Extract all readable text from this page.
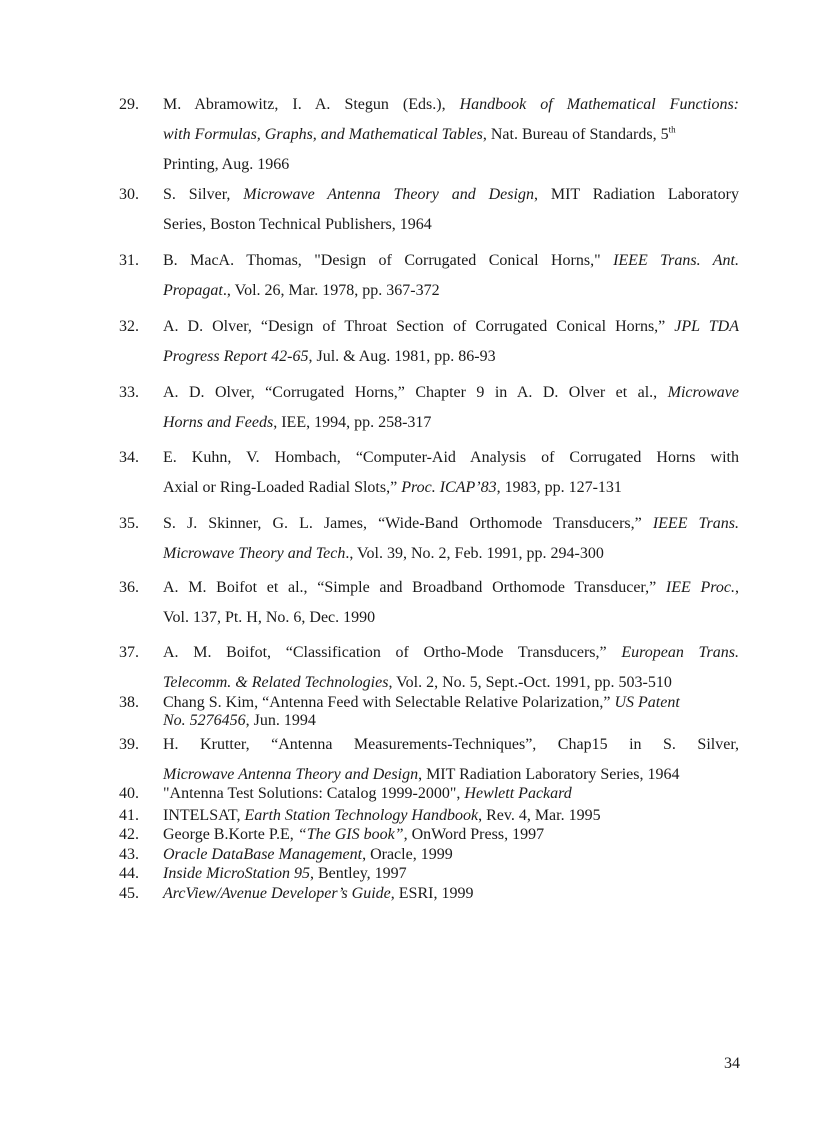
29.	M. Abramowitz, I. A. Stegun (Eds.), Handbook of Mathematical Functions:
with Formulas, Graphs, and Mathematical Tables, Nat. Bureau of Standards, 5th
Printing, Aug. 1966
30.	S. Silver, Microwave Antenna Theory and Design, MIT Radiation Laboratory
Series, Boston Technical Publishers, 1964
31.	B. MacA. Thomas, "Design of Corrugated Conical Horns," IEEE Trans. Ant.
Propagat., Vol. 26, Mar. 1978, pp. 367-372
32.	A. D. Olver, “Design of Throat Section of Corrugated Conical Horns,” JPL TDA
Progress Report 42-65, Jul. & Aug. 1981, pp. 86-93
33.	A. D. Olver, “Corrugated Horns,” Chapter 9 in A. D. Olver et al., Microwave
Horns and Feeds, IEE, 1994, pp. 258-317
34.	E. Kuhn, V. Hombach, “Computer-Aid Analysis of Corrugated Horns with
Axial or Ring-Loaded Radial Slots,” Proc. ICAP’83, 1983, pp. 127-131
35.	S. J. Skinner, G. L. James, “Wide-Band Orthomode Transducers,” IEEE Trans.
Microwave Theory and Tech., Vol. 39, No. 2, Feb. 1991, pp. 294-300
36.	A. M. Boifot et al., “Simple and Broadband Orthomode Transducer,” IEE Proc.,
Vol. 137, Pt. H, No. 6, Dec. 1990
37.	A. M. Boifot, “Classification of Ortho-Mode Transducers,” European Trans.
Telecomm. & Related Technologies, Vol. 2, No. 5, Sept.-Oct. 1991, pp. 503-510
38.	Chang S. Kim, “Antenna Feed with Selectable Relative Polarization,” US Patent
No. 5276456, Jun. 1994
39.	H. Krutter, “Antenna Measurements-Techniques”, Chap15 in S. Silver,
Microwave Antenna Theory and Design, MIT Radiation Laboratory Series, 1964
40.	"Antenna Test Solutions: Catalog 1999-2000", Hewlett Packard
41.	INTELSAT, Earth Station Technology Handbook, Rev. 4, Mar. 1995
42.	George B.Korte P.E, “The GIS book”, OnWord Press, 1997
43.	Oracle DataBase Management, Oracle, 1999
44.	Inside MicroStation 95, Bentley, 1997
45.	ArcView/Avenue Developer’s Guide, ESRI, 1999
34
